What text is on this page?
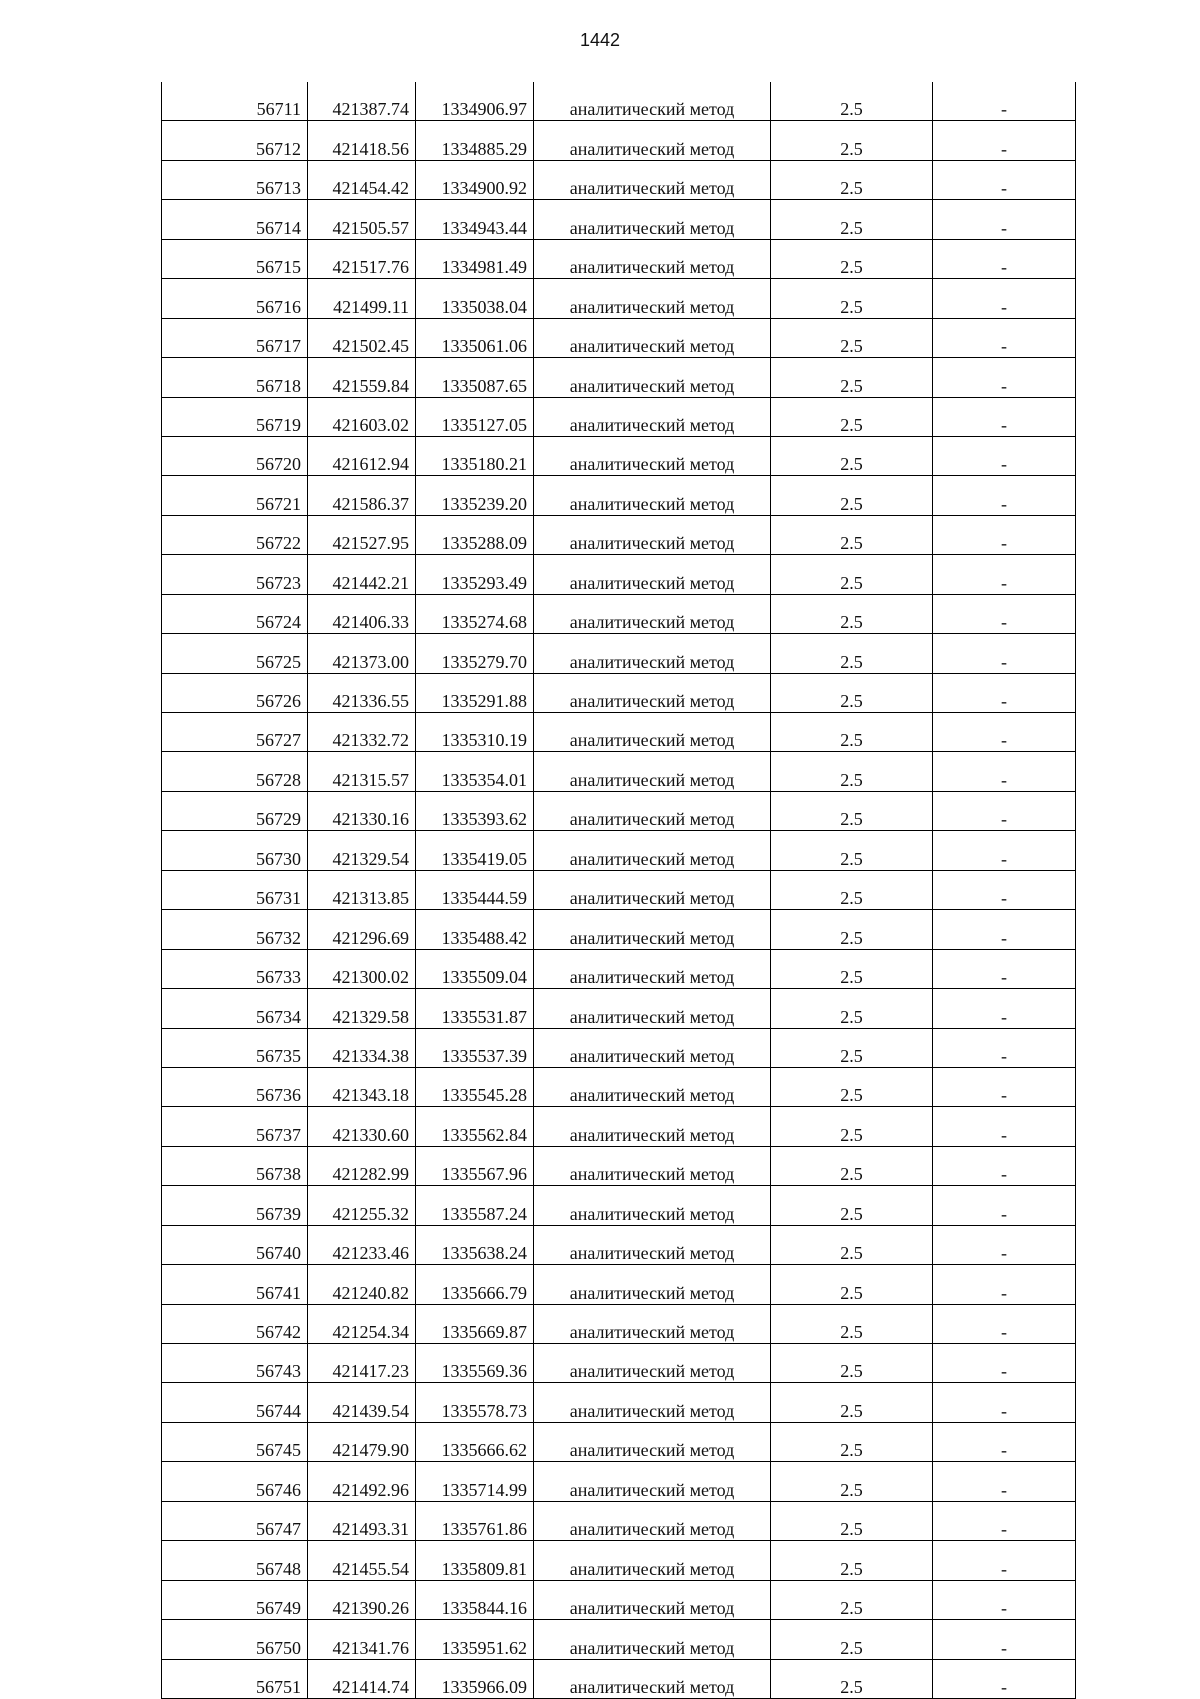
1442
56711	421387.74	1334906.97	аналитический метод	2.5	-
56712	421418.56	1334885.29	аналитический метод	2.5	-
56713	421454.42	1334900.92	аналитический метод	2.5	-
56714	421505.57	1334943.44	аналитический метод	2.5	-
56715	421517.76	1334981.49	аналитический метод	2.5	-
56716	421499.11	1335038.04	аналитический метод	2.5	-
56717	421502.45	1335061.06	аналитический метод	2.5	-
56718	421559.84	1335087.65	аналитический метод	2.5	-
56719	421603.02	1335127.05	аналитический метод	2.5	-
56720	421612.94	1335180.21	аналитический метод	2.5	-
56721	421586.37	1335239.20	аналитический метод	2.5	-
56722	421527.95	1335288.09	аналитический метод	2.5	-
56723	421442.21	1335293.49	аналитический метод	2.5	-
56724	421406.33	1335274.68	аналитический метод	2.5	-
56725	421373.00	1335279.70	аналитический метод	2.5	-
56726	421336.55	1335291.88	аналитический метод	2.5	-
56727	421332.72	1335310.19	аналитический метод	2.5	-
56728	421315.57	1335354.01	аналитический метод	2.5	-
56729	421330.16	1335393.62	аналитический метод	2.5	-
56730	421329.54	1335419.05	аналитический метод	2.5	-
56731	421313.85	1335444.59	аналитический метод	2.5	-
56732	421296.69	1335488.42	аналитический метод	2.5	-
56733	421300.02	1335509.04	аналитический метод	2.5	-
56734	421329.58	1335531.87	аналитический метод	2.5	-
56735	421334.38	1335537.39	аналитический метод	2.5	-
56736	421343.18	1335545.28	аналитический метод	2.5	-
56737	421330.60	1335562.84	аналитический метод	2.5	-
56738	421282.99	1335567.96	аналитический метод	2.5	-
56739	421255.32	1335587.24	аналитический метод	2.5	-
56740	421233.46	1335638.24	аналитический метод	2.5	-
56741	421240.82	1335666.79	аналитический метод	2.5	-
56742	421254.34	1335669.87	аналитический метод	2.5	-
56743	421417.23	1335569.36	аналитический метод	2.5	-
56744	421439.54	1335578.73	аналитический метод	2.5	-
56745	421479.90	1335666.62	аналитический метод	2.5	-
56746	421492.96	1335714.99	аналитический метод	2.5	-
56747	421493.31	1335761.86	аналитический метод	2.5	-
56748	421455.54	1335809.81	аналитический метод	2.5	-
56749	421390.26	1335844.16	аналитический метод	2.5	-
56750	421341.76	1335951.62	аналитический метод	2.5	-
56751	421414.74	1335966.09	аналитический метод	2.5	-
